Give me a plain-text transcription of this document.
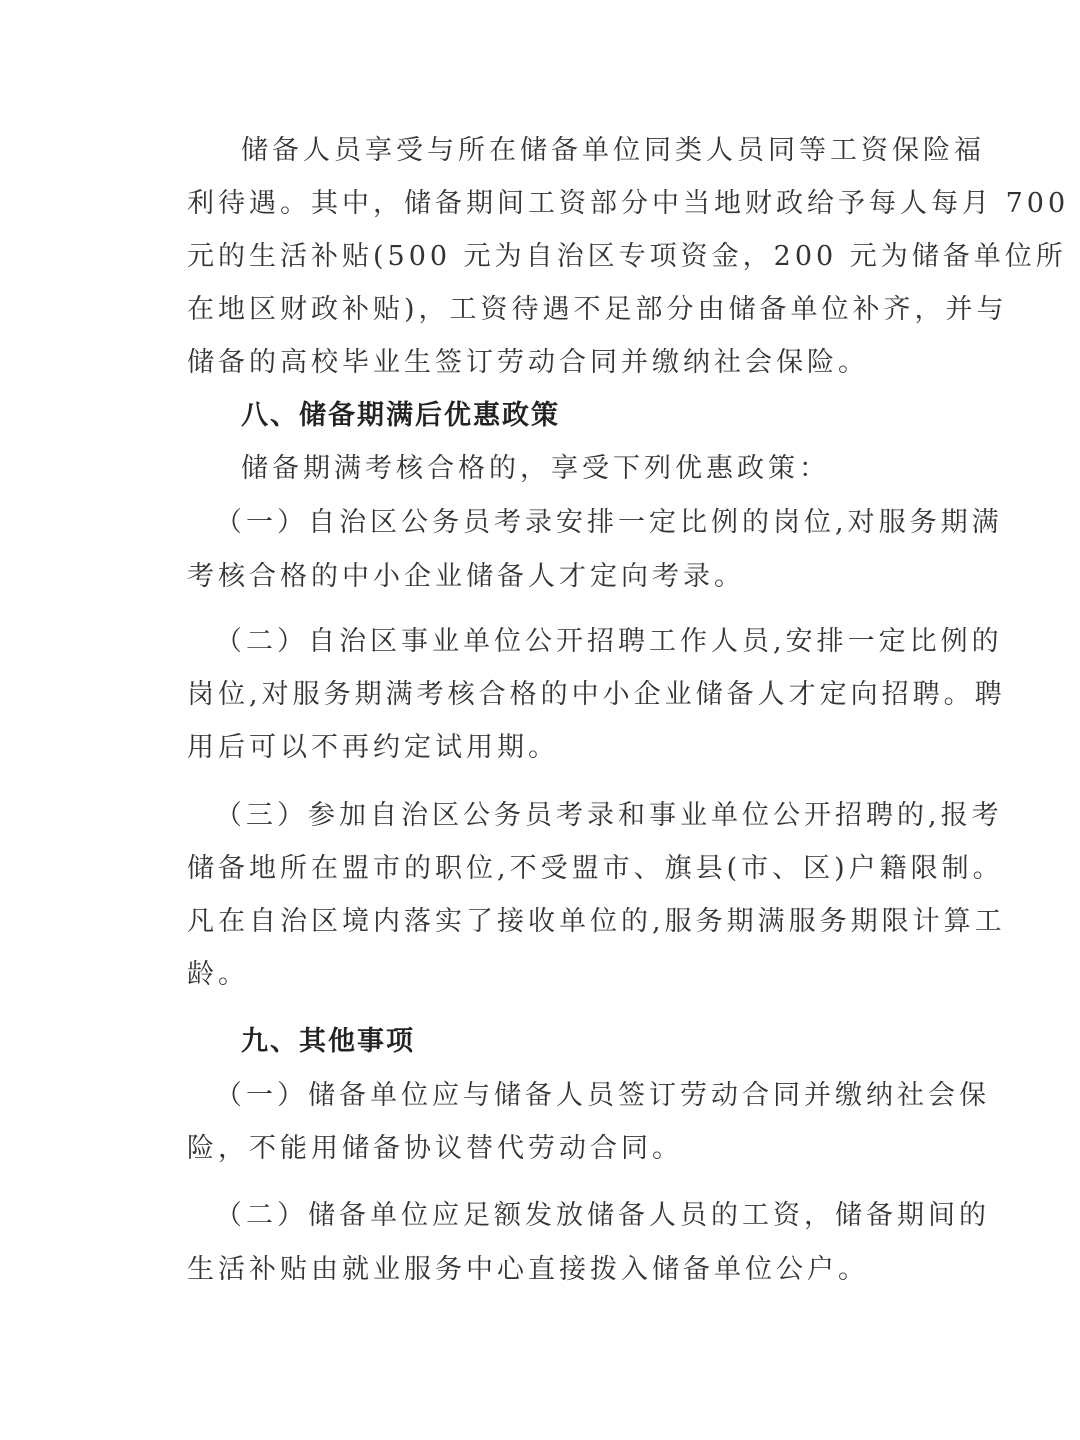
储备人员享受与所在储备单位同类人员同等工资保险福
利待遇。其中，储备期间工资部分中当地财政给予每人每月 700
元的生活补贴(500 元为自治区专项资金，200 元为储备单位所
在地区财政补贴)，工资待遇不足部分由储备单位补齐，并与
储备的高校毕业生签订劳动合同并缴纳社会保险。
八、储备期满后优惠政策
储备期满考核合格的，享受下列优惠政策：
（一）自治区公务员考录安排一定比例的岗位,对服务期满
考核合格的中小企业储备人才定向考录。
（二）自治区事业单位公开招聘工作人员,安排一定比例的
岗位,对服务期满考核合格的中小企业储备人才定向招聘。聘
用后可以不再约定试用期。
（三）参加自治区公务员考录和事业单位公开招聘的,报考
储备地所在盟市的职位,不受盟市、旗县(市、区)户籍限制。
凡在自治区境内落实了接收单位的,服务期满服务期限计算工
龄。
九、其他事项
（一）储备单位应与储备人员签订劳动合同并缴纳社会保
险，不能用储备协议替代劳动合同。
（二）储备单位应足额发放储备人员的工资，储备期间的
生活补贴由就业服务中心直接拨入储备单位公户。
